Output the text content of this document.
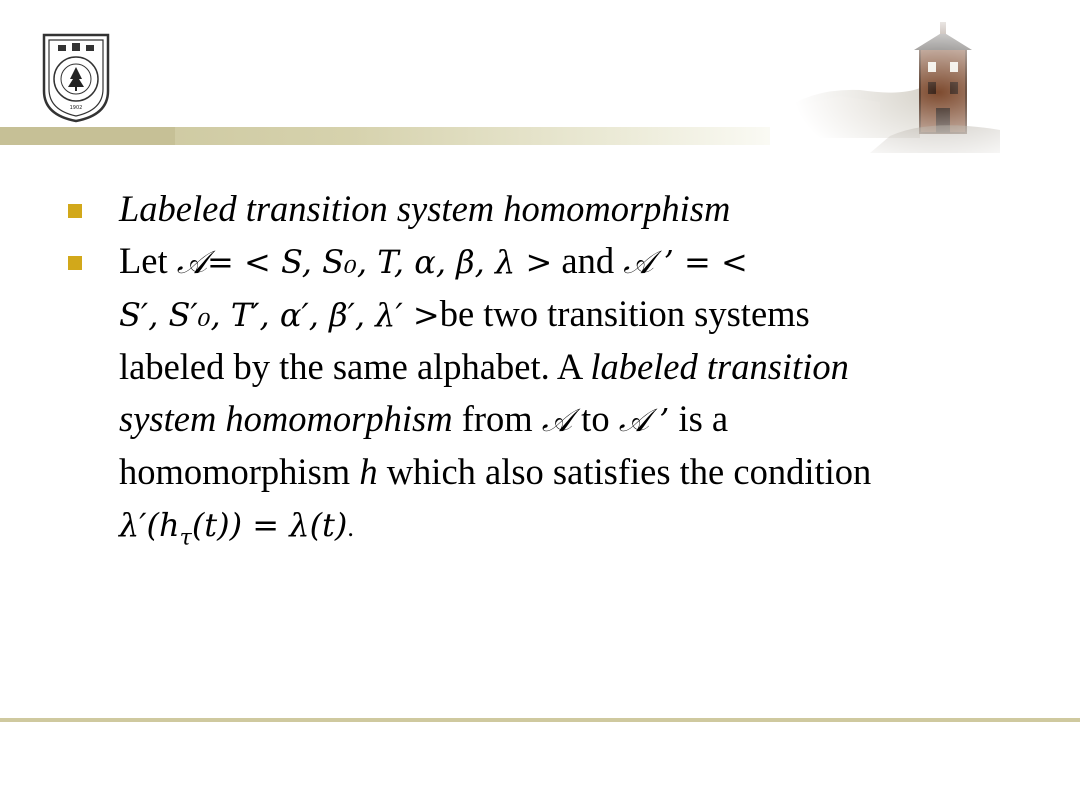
1902
Labeled transition system homomorphism
Let 𝒜= < S, S₀, T, α, β, λ > and 𝒜 ’ = <
S′, S′₀, T′, α′, β′, λ′ >be two transition systems
labeled by the same alphabet. A labeled transition
system homomorphism from 𝒜 to 𝒜 ’ is a
homomorphism h which also satisfies the condition
$\lambda'(h_\tau(t)) = \lambda(t)$.
